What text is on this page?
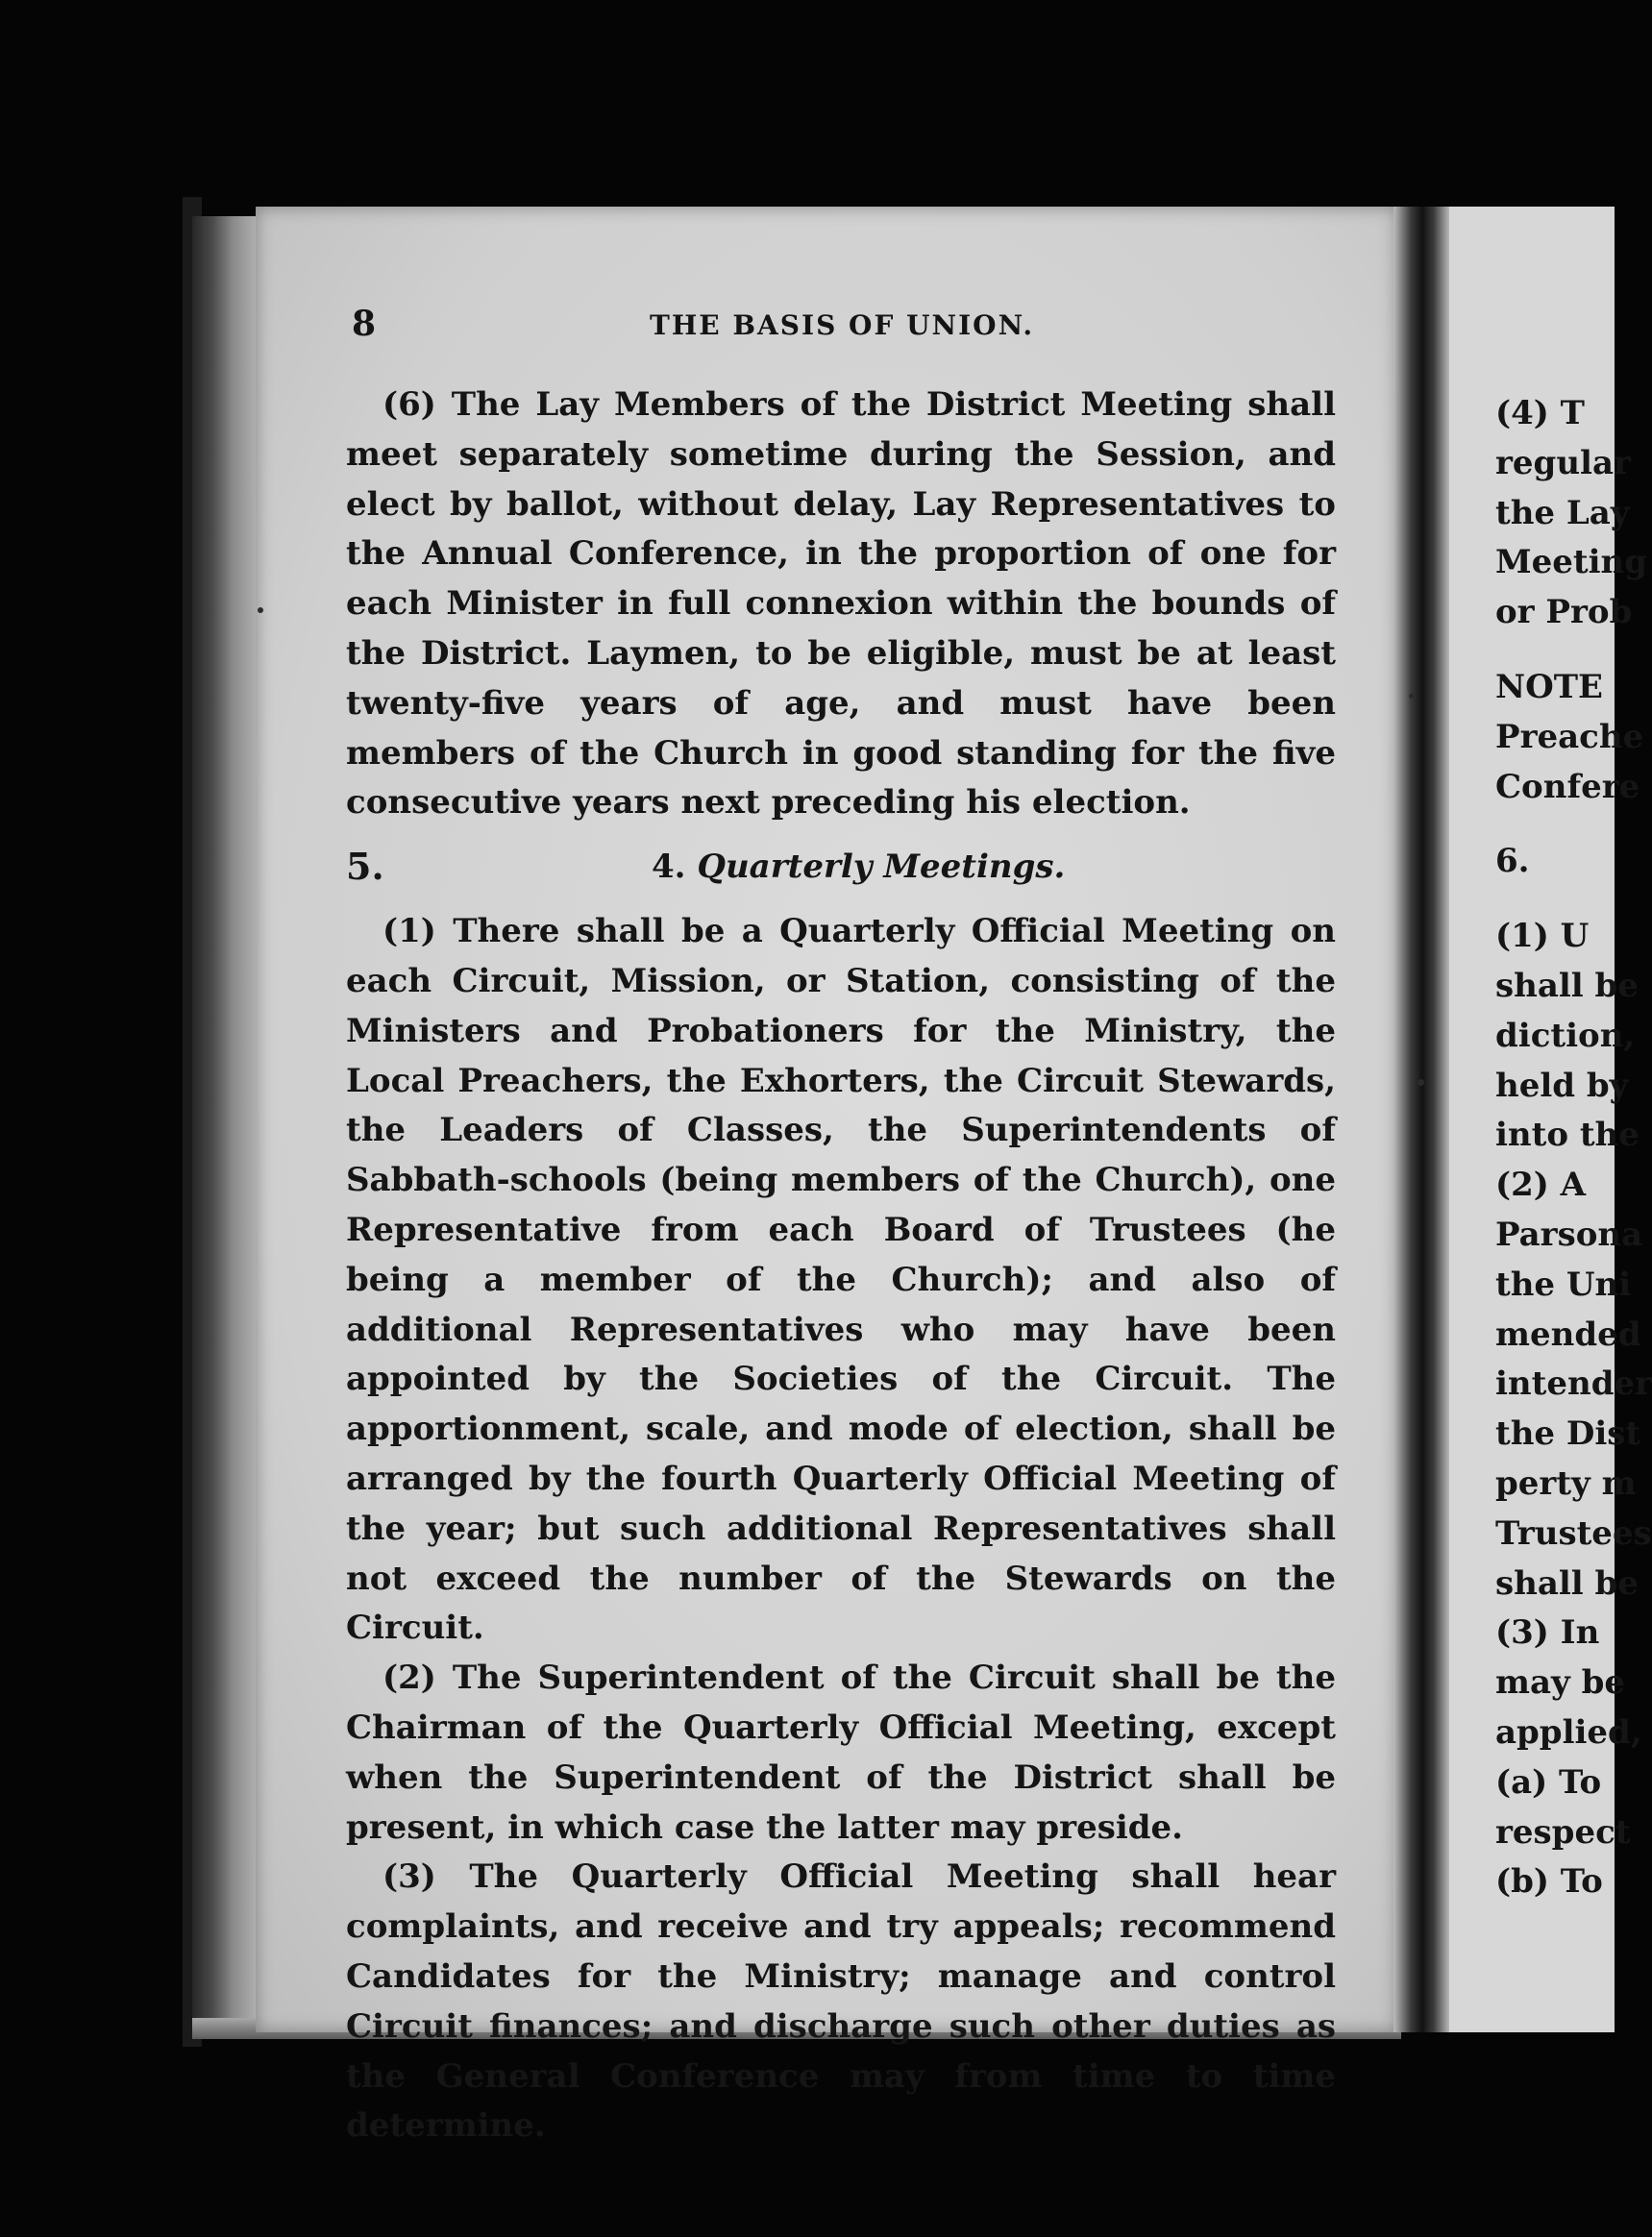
8	THE BASIS OF UNION.

(6) The Lay Members of the District Meeting shall meet separately sometime during the Session, and elect by ballot, without delay, Lay Representatives to the Annual Conference, in the proportion of one for each Minister in full connexion within the bounds of the District. Laymen, to be eligible, must be at least twenty-five years of age, and must have been members of the Church in good standing for the five consecutive years next preceding his election.

5.	4. Quarterly Meetings.

(1) There shall be a Quarterly Official Meeting on each Circuit, Mission, or Station, consisting of the Ministers and Probationers for the Ministry, the Local Preachers, the Exhorters, the Circuit Stewards, the Leaders of Classes, the Superintendents of Sabbath-schools (being members of the Church), one Representative from each Board of Trustees (he being a member of the Church); and also of additional Representatives who may have been appointed by the Societies of the Circuit. The apportionment, scale, and mode of election, shall be arranged by the fourth Quarterly Official Meeting of the year; but such additional Representatives shall not exceed the number of the Stewards on the Circuit.

(2) The Superintendent of the Circuit shall be the Chairman of the Quarterly Official Meeting, except when the Superintendent of the District shall be present, in which case the latter may preside.

(3) The Quarterly Official Meeting shall hear complaints, and receive and try appeals; recommend Candidates for the Ministry; manage and control Circuit finances; and discharge such other duties as the General Conference may from time to time determine.

(4) T
regular
the Lay
Meeting
or Prob
NOTE
Preache
Confere
6.
(1) U
shall be
diction,
held by
into the
(2) A
Parsona
the Uni
mended
intender
the Dist
perty m
Trustees
shall be
(3) In
may be
applied,
(a) To
respect
(b) To
